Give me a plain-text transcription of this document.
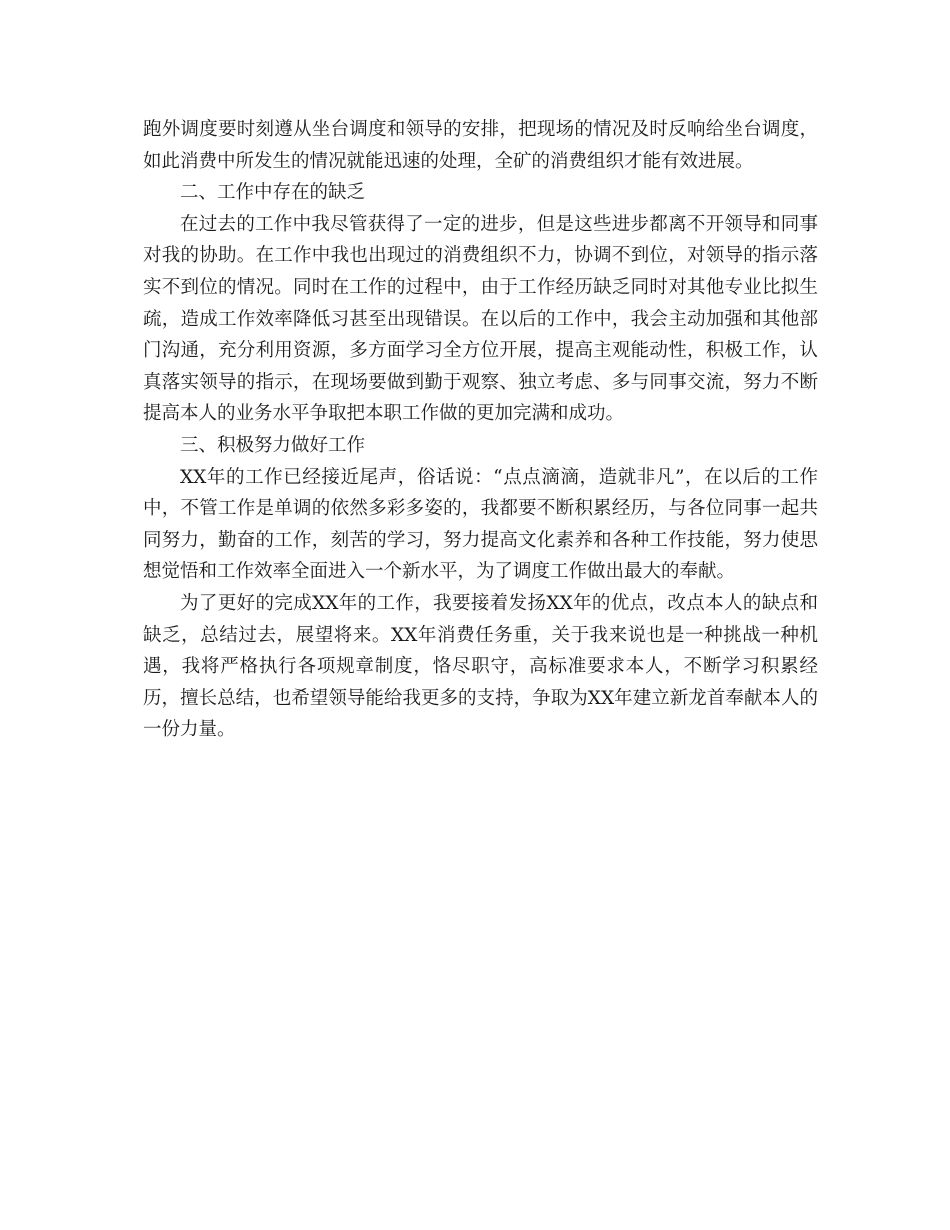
跑外调度要时刻遵从坐台调度和领导的安排，把现场的情况及时反响给坐台调度，如此消费中所发生的情况就能迅速的处理，全矿的消费组织才能有效进展。

二、工作中存在的缺乏

在过去的工作中我尽管获得了一定的进步，但是这些进步都离不开领导和同事对我的协助。在工作中我也出现过的消费组织不力，协调不到位，对领导的指示落实不到位的情况。同时在工作的过程中，由于工作经历缺乏同时对其他专业比拟生疏，造成工作效率降低习甚至出现错误。在以后的工作中，我会主动加强和其他部门沟通，充分利用资源，多方面学习全方位开展，提高主观能动性，积极工作，认真落实领导的指示，在现场要做到勤于观察、独立考虑、多与同事交流，努力不断提高本人的业务水平争取把本职工作做的更加完满和成功。

三、积极努力做好工作

XX年的工作已经接近尾声，俗话说：“点点滴滴，造就非凡”，在以后的工作中，不管工作是单调的依然多彩多姿的，我都要不断积累经历，与各位同事一起共同努力，勤奋的工作，刻苦的学习，努力提高文化素养和各种工作技能，努力使思想觉悟和工作效率全面进入一个新水平，为了调度工作做出最大的奉献。

为了更好的完成XX年的工作，我要接着发扬XX年的优点，改点本人的缺点和缺乏，总结过去，展望将来。XX年消费任务重，关于我来说也是一种挑战一种机遇，我将严格执行各项规章制度，恪尽职守，高标准要求本人，不断学习积累经历，擅长总结，也希望领导能给我更多的支持，争取为XX年建立新龙首奉献本人的一份力量。
